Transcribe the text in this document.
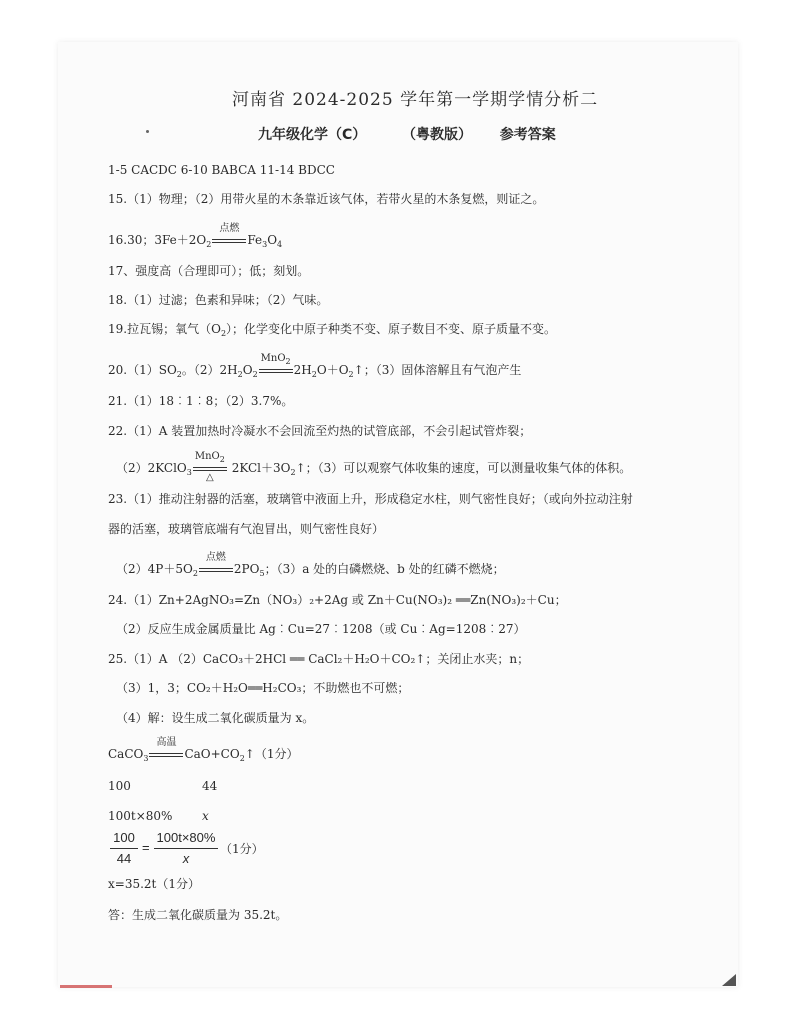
河南省 2024-2025 学年第一学期学情分析二
九年级化学（C）	（粤教版） 参考答案
1-5 CACDC 6-10 BABCA 11-14 BDCC
15.（1）物理；（2）用带火星的木条靠近该气体，若带火星的木条复燃，则证之。
16.30；$3Fe+2O_2$
点燃
$Fe_3O_4$
17、强度高（合理即可）；低；刻划。
18.（1）过滤；色素和异味；（2）气味。
19.拉瓦锡；氧气$(O_2)$；化学变化中原子种类不变、原子数目不变、原子质量不变。
$20.(1)SO_2$。$(2)2H_2O_2$
MnO$_2$
$2H_2O+O_2↑$；（3）固体溶解且有气泡产生
21.（1）18︰1︰8；（2）3.7%。
22.（1）A 装置加热时冷凝水不会回流至灼热的试管底部，不会引起试管炸裂；
（2）2KClO$_3$
MnO$_2$
△
$2KCl+3O_2↑$；（3）可以观察气体收集的速度，可以测量收集气体的体积。
23.（1）推动注射器的活塞，玻璃管中液面上升，形成稳定水柱，则气密性良好；（或向外拉动注射
器的活塞，玻璃管底端有气泡冒出，则气密性良好）
$(2)4P+5O_2$
点燃
$2PO_5$；（3）a 处的白磷燃烧、b 处的红磷不燃烧；
24.（1）Zn+2AgNO₃=Zn（NO₃）₂+2Ag 或 Zn＋Cu(NO₃)₂ ══Zn(NO₃)₂＋Cu；
（2）反应生成金属质量比 Ag︰Cu=27︰1208（或 Cu︰Ag=1208︰27）
25.（1）A （2）CaCO₃＋2HCl ══ CaCl₂＋H₂O＋CO₂↑；关闭止水夹；n；
（3）1，3；CO₂＋H₂O══H₂CO₃；不助燃也不可燃；
（4）解：设生成二氧化碳质量为 x。
CaCO$_3$
高温
$CaO+CO_2↑(1$分）
100	44
100t×80% x
100
44
=
100t×80%
x
（1分）
x=35.2t（1分）
答：生成二氧化碳质量为 35.2t。
